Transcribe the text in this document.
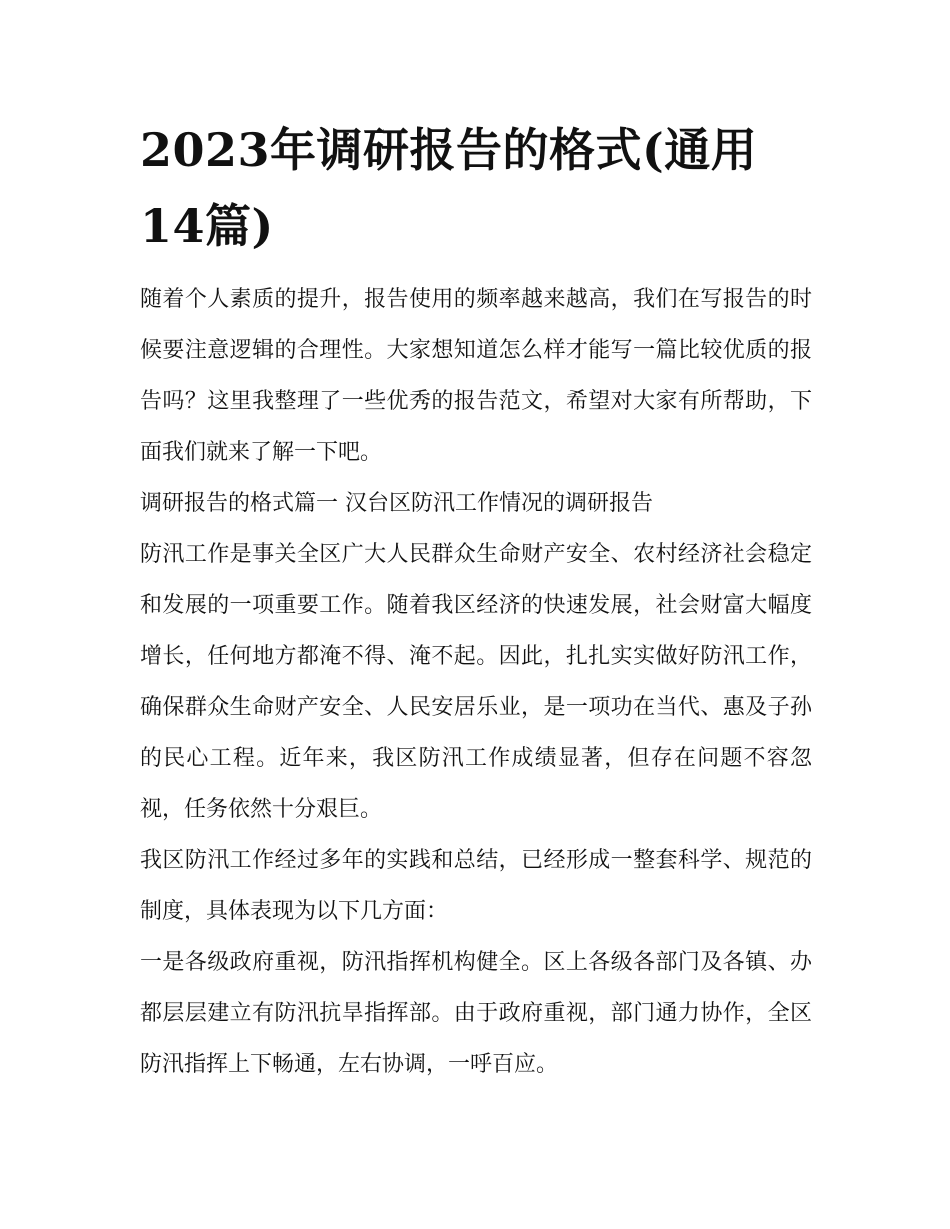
2023年调研报告的格式(通用14篇)

随着个人素质的提升，报告使用的频率越来越高，我们在写报告的时候要注意逻辑的合理性。大家想知道怎么样才能写一篇比较优质的报告吗？这里我整理了一些优秀的报告范文，希望对大家有所帮助，下面我们就来了解一下吧。

调研报告的格式篇一 汉台区防汛工作情况的调研报告

防汛工作是事关全区广大人民群众生命财产安全、农村经济社会稳定和发展的一项重要工作。随着我区经济的快速发展，社会财富大幅度增长，任何地方都淹不得、淹不起。因此，扎扎实实做好防汛工作，确保群众生命财产安全、人民安居乐业，是一项功在当代、惠及子孙的民心工程。近年来，我区防汛工作成绩显著，但存在问题不容忽视，任务依然十分艰巨。

我区防汛工作经过多年的实践和总结，已经形成一整套科学、规范的制度，具体表现为以下几方面：

一是各级政府重视，防汛指挥机构健全。区上各级各部门及各镇、办都层层建立有防汛抗旱指挥部。由于政府重视，部门通力协作，全区防汛指挥上下畅通，左右协调，一呼百应。
